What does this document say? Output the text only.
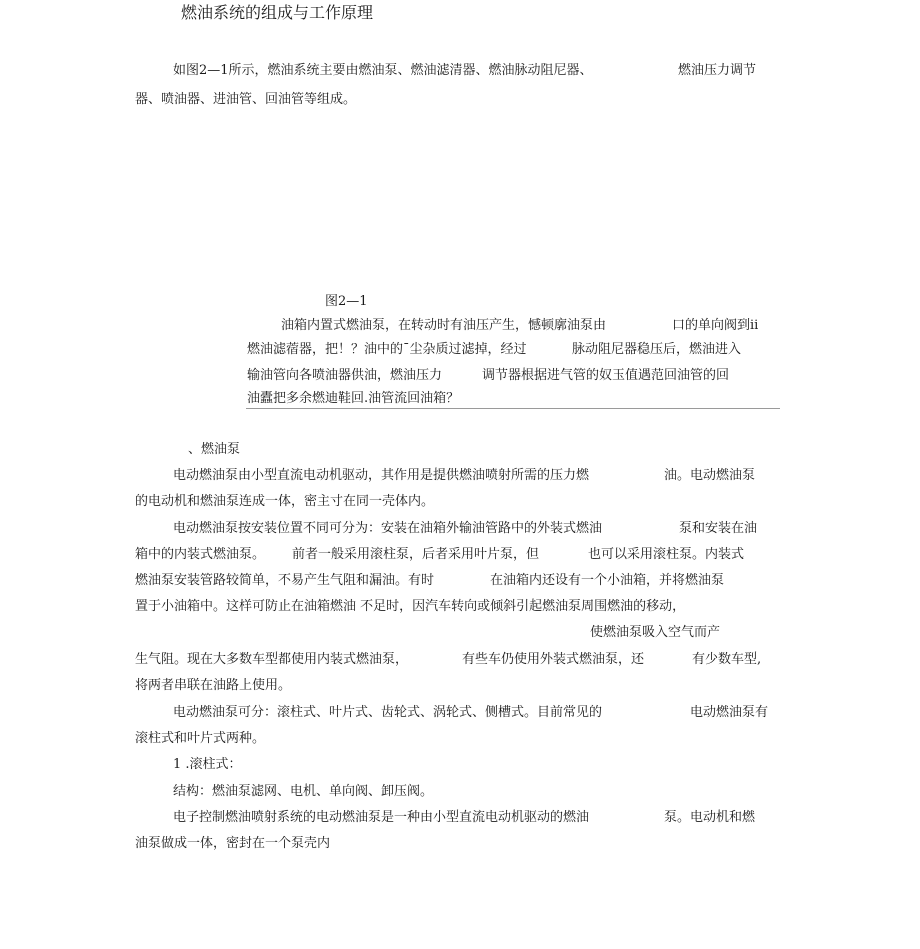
燃油系统的组成与工作原理
如图2—1所示，燃油系统主要由燃油泵、燃油滤清器、燃油脉动阻尼器、	燃油压力调节
器、喷油器、进油管、回油管等组成。
图2—1
油箱内置式燃油泵，在转动时有油压产生，憾顿廓油泵由	口的单向阀到ii
燃油滤蓿器，把！？油中的ˉ尘杂质过滤掉，经过	脉动阻尼器稳压后，燃油进入
输油管向各喷油器供油，燃油压力	调节器根据进气管的奴玉值遇范回油管的回
油蠹把多余燃迪鞋回.油管流回油箱？
、燃油泵
电动燃油泵由小型直流电动机驱动，其作用是提供燃油喷射所需的压力燃	油。电动燃油泵
的电动机和燃油泵连成一体，密主寸在同一壳体内。
电动燃油泵按安装位置不同可分为：安装在油箱外输油管路中的外装式燃油	泵和安装在油
箱中的内装式燃油泵。 前者一般采用滚柱泵，后者采用叶片泵，但	也可以采用滚柱泵。内装式
燃油泵安装管路较简单，不易产生气阻和漏油。有时	在油箱内还设有一个小油箱，并将燃油泵
置于小油箱中。这样可防止在油箱燃油 不足时，因汽车转向或倾斜引起燃油泵周围燃油的移动，
使燃油泵吸入空气而产
生气阻。现在大多数车型都使用内装式燃油泵，	有些车仍使用外装式燃油泵，还	有少数车型,
将两者串联在油路上使用。
电动燃油泵可分：滚柱式、叶片式、齿轮式、涡轮式、侧槽式。目前常见的	电动燃油泵有
滚柱式和叶片式两种。
1 .滚柱式：
结构：燃油泵滤网、电机、单向阀、卸压阀。
电子控制燃油喷射系统的电动燃油泵是一种由小型直流电动机驱动的燃油	泵。电动机和燃
油泵做成一体，密封在一个泵壳内
